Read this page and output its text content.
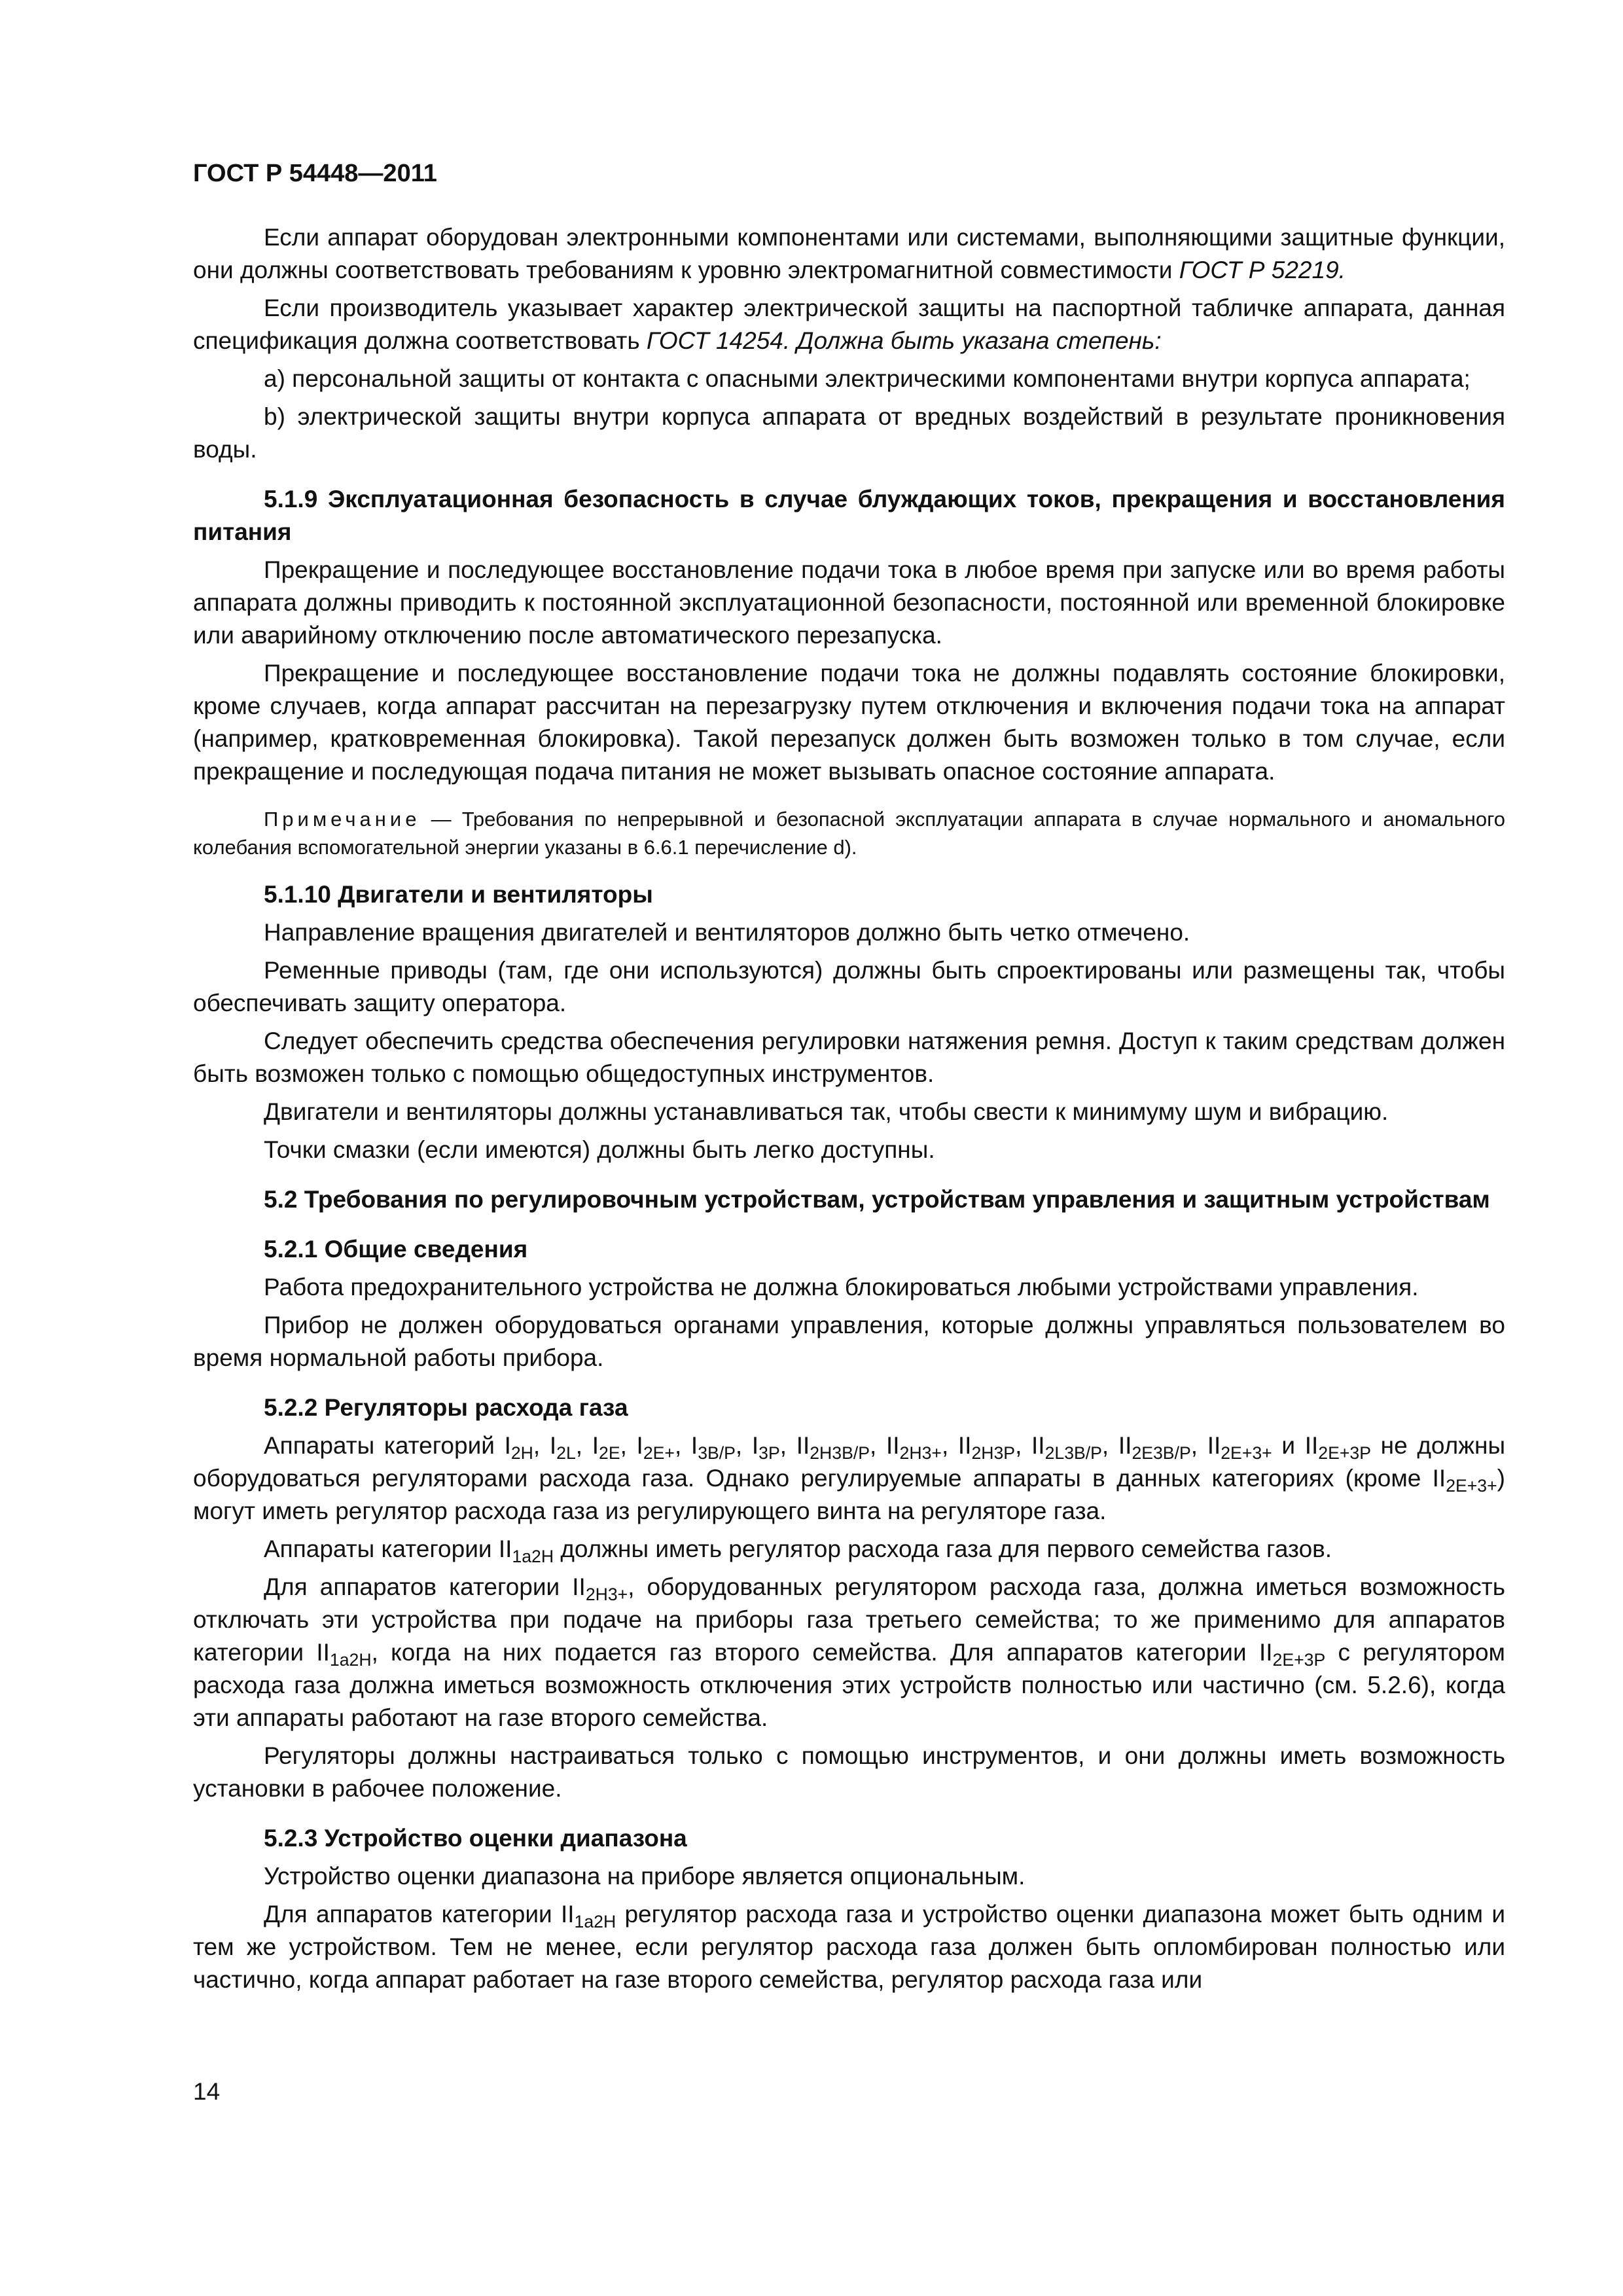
ГОСТ Р 54448—2011

Если аппарат оборудован электронными компонентами или системами, выполняющими защитные функции, они должны соответствовать требованиям к уровню электромагнитной совместимости ГОСТ Р 52219.

Если производитель указывает характер электрической защиты на паспортной табличке аппарата, данная спецификация должна соответствовать ГОСТ 14254. Должна быть указана степень:

a) персональной защиты от контакта с опасными электрическими компонентами внутри корпуса аппарата;

b) электрической защиты внутри корпуса аппарата от вредных воздействий в результате проникновения воды.

5.1.9 Эксплуатационная безопасность в случае блуждающих токов, прекращения и восстановления питания

Прекращение и последующее восстановление подачи тока в любое время при запуске или во время работы аппарата должны приводить к постоянной эксплуатационной безопасности, постоянной или временной блокировке или аварийному отключению после автоматического перезапуска.

Прекращение и последующее восстановление подачи тока не должны подавлять состояние блокировки, кроме случаев, когда аппарат рассчитан на перезагрузку путем отключения и включения подачи тока на аппарат (например, кратковременная блокировка). Такой перезапуск должен быть возможен только в том случае, если прекращение и последующая подача питания не может вызывать опасное состояние аппарата.

Примечание — Требования по непрерывной и безопасной эксплуатации аппарата в случае нормального и аномального колебания вспомогательной энергии указаны в 6.6.1 перечисление d).

5.1.10 Двигатели и вентиляторы

Направление вращения двигателей и вентиляторов должно быть четко отмечено.

Ременные приводы (там, где они используются) должны быть спроектированы или размещены так, чтобы обеспечивать защиту оператора.

Следует обеспечить средства обеспечения регулировки натяжения ремня. Доступ к таким средствам должен быть возможен только с помощью общедоступных инструментов.

Двигатели и вентиляторы должны устанавливаться так, чтобы свести к минимуму шум и вибрацию.

Точки смазки (если имеются) должны быть легко доступны.

5.2 Требования по регулировочным устройствам, устройствам управления и защитным устройствам

5.2.1 Общие сведения

Работа предохранительного устройства не должна блокироваться любыми устройствами управления.

Прибор не должен оборудоваться органами управления, которые должны управляться пользователем во время нормальной работы прибора.

5.2.2 Регуляторы расхода газа

Аппараты категорий $I_{2H}$, $I_{2L}$, $I_{2E}$, $I_{2E+}$, $I_{3B/P}$, $I_{3P}$, $II_{2H3B/P}$, $II_{2H3+}$, $II_{2H3P}$, $II_{2L3B/P}$, $II_{2E3B/P}$, $II_{2E+3+}$ и $II_{2E+3P}$ не должны оборудоваться регуляторами расхода газа. Однако регулируемые аппараты в данных категориях (кроме $II_{2E+3+}$) могут иметь регулятор расхода газа из регулирующего винта на регуляторе газа.

Аппараты категории $II_{1a2H}$ должны иметь регулятор расхода газа для первого семейства газов.

Для аппаратов категории $II_{2H3+}$, оборудованных регулятором расхода газа, должна иметься возможность отключать эти устройства при подаче на приборы газа третьего семейства; то же применимо для аппаратов категории $II_{1a2H}$, когда на них подается газ второго семейства. Для аппаратов категории $II_{2E+3P}$ с регулятором расхода газа должна иметься возможность отключения этих устройств полностью или частично (см. 5.2.6), когда эти аппараты работают на газе второго семейства.

Регуляторы должны настраиваться только с помощью инструментов, и они должны иметь возможность установки в рабочее положение.

5.2.3 Устройство оценки диапазона

Устройство оценки диапазона на приборе является опциональным.

Для аппаратов категории $II_{1a2H}$ регулятор расхода газа и устройство оценки диапазона может быть одним и тем же устройством. Тем не менее, если регулятор расхода газа должен быть опломбирован полностью или частично, когда аппарат работает на газе второго семейства, регулятор расхода газа или

14
